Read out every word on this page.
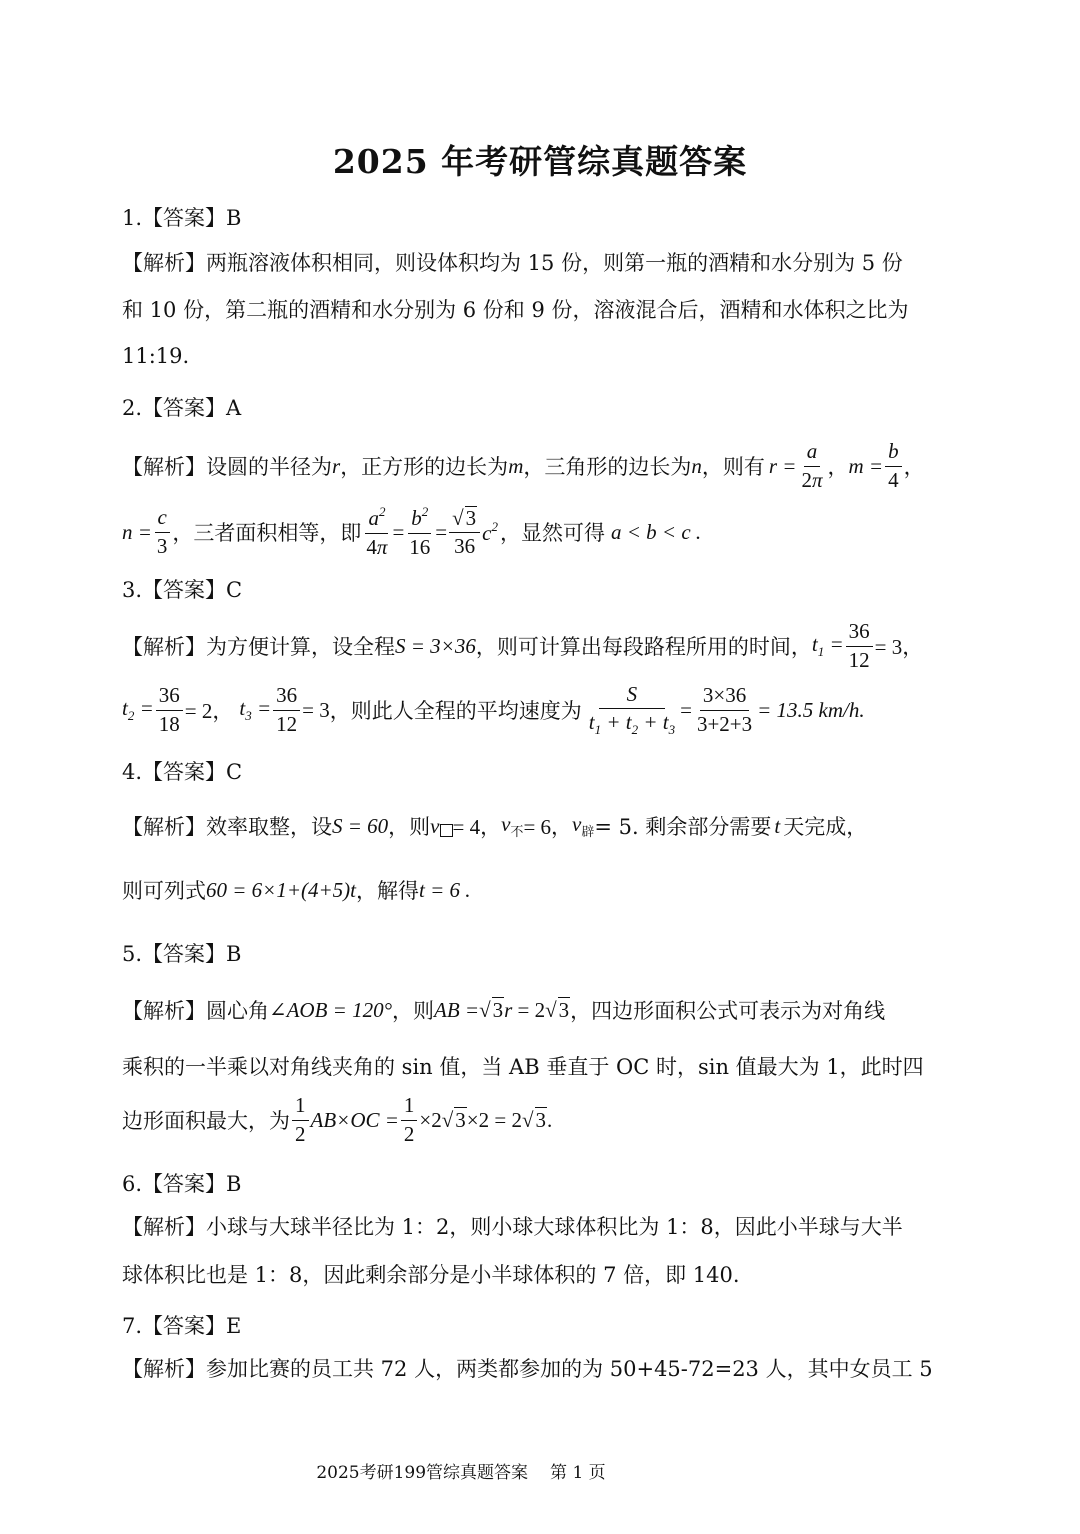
2025 年考研管综真题答案
1.【答案】B
【解析】两瓶溶液体积相同，则设体积均为 15 份，则第一瓶的酒精和水分别为 5 份
和 10 份，第二瓶的酒精和水分别为 6 份和 9 份，溶液混合后，酒精和水体积之比为
11:19.
2.【答案】A
【解析】设圆的半径为 r ，正方形的边长为 m ，三角形的边长为 n ，则有 $r = \frac{a}{2\pi}$ ， $m = \frac{b}{4}$ ，
$n = \frac{c}{3}$ ，三者面积相等，即 $\frac{a^2}{4\pi} = \frac{b^2}{16} = \frac{√3}{36} c^2$ ，显然可得 a < b < c .
3.【答案】C
【解析】为方便计算，设全程 S = 3×36 ，则可计算出每段路程所用的时间， $t_1 = \frac{36}{12} = 3$，
$t_2 = \frac{36}{18} = 2$， $t_3 = \frac{36}{12} = 3$ ，则此人全程的平均速度为 $\frac{S}{t_1 + t_2 + t_3} = \frac{3\times 36}{3+2+3} = 13.5$ km/h.
4.【答案】C
【解析】效率取整，设 S = 60 ，则 v = 4， $v_不 = 6$， $v_辟 = 5$. 剩余部分需要 t 天完成，
则可列式 60 = 6×1+(4+5)t ，解得 t = 6 .
5.【答案】B
【解析】圆心角 ∠AOB = 120° ，则 AB = √3r = 2√3 ，四边形面积公式可表示为对角线
乘积的一半乘以对角线夹角的 sin 值，当 AB 垂直于 OC 时，sin 值最大为 1，此时四
边形面积最大，为 $\frac{1}{2} AB\times OC = \frac{1}{2} \times 2√3\times 2 = 2√3$.
6.【答案】B
【解析】小球与大球半径比为 1：2，则小球大球体积比为 1：8，因此小半球与大半
球体积比也是 1：8，因此剩余部分是小半球体积的 7 倍，即 140.
7.【答案】E
【解析】参加比赛的员工共 72 人，两类都参加的为 50+45-72=23 人，其中女员工 5
2025考研199管综真题答案 第 1 页
